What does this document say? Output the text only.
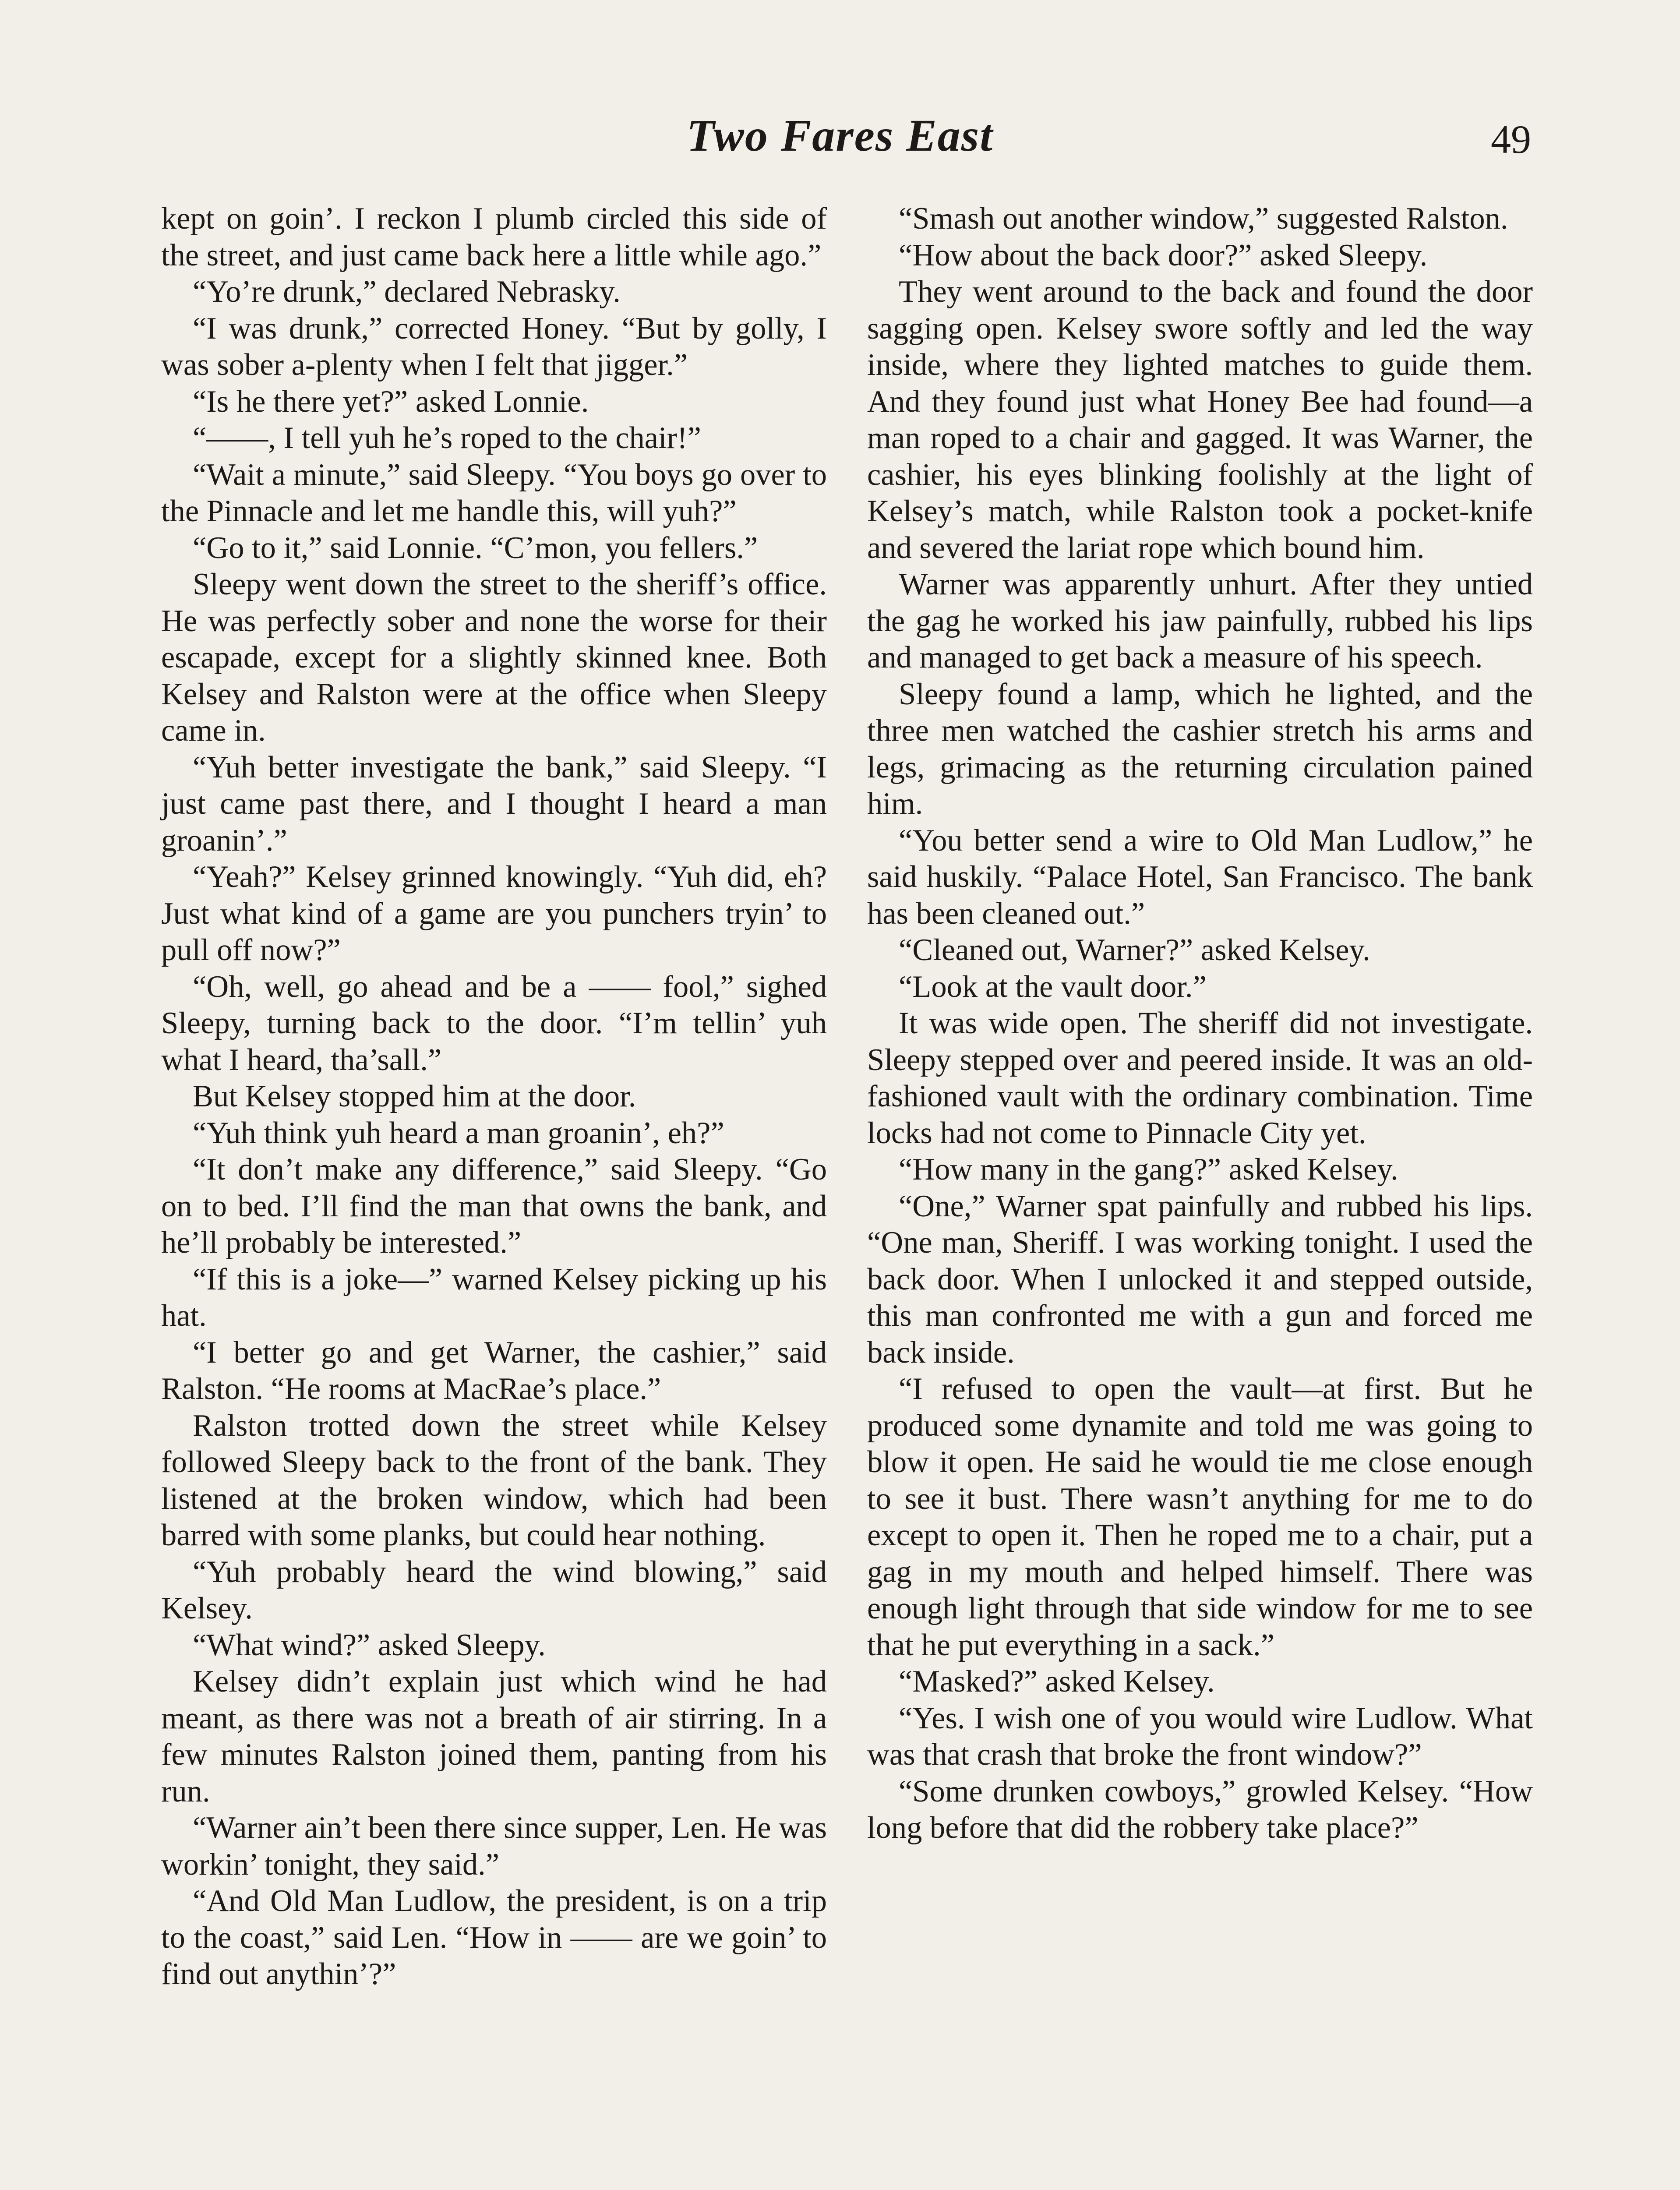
Two Fares East	49

kept on goin’. I reckon I plumb circled this side of the street, and just came back here a little while ago.”

“Yo’re drunk,” declared Nebrasky.

“I was drunk,” corrected Honey. “But by golly, I was sober a-plenty when I felt that jigger.”

“Is he there yet?” asked Lonnie.

“——, I tell yuh he’s roped to the chair!”

“Wait a minute,” said Sleepy. “You boys go over to the Pinnacle and let me handle this, will yuh?”

“Go to it,” said Lonnie. “C’mon, you fellers.”

Sleepy went down the street to the sheriff’s office. He was perfectly sober and none the worse for their escapade, except for a slightly skinned knee. Both Kelsey and Ralston were at the office when Sleepy came in.

“Yuh better investigate the bank,” said Sleepy. “I just came past there, and I thought I heard a man groanin’.”

“Yeah?” Kelsey grinned knowingly. “Yuh did, eh? Just what kind of a game are you punchers tryin’ to pull off now?”

“Oh, well, go ahead and be a —— fool,” sighed Sleepy, turning back to the door. “I’m tellin’ yuh what I heard, tha’sall.”

But Kelsey stopped him at the door.

“Yuh think yuh heard a man groanin’, eh?”

“It don’t make any difference,” said Sleepy. “Go on to bed. I’ll find the man that owns the bank, and he’ll probably be interested.”

“If this is a joke—” warned Kelsey picking up his hat.

“I better go and get Warner, the cashier,” said Ralston. “He rooms at MacRae’s place.”

Ralston trotted down the street while Kelsey followed Sleepy back to the front of the bank. They listened at the broken window, which had been barred with some planks, but could hear nothing.

“Yuh probably heard the wind blowing,” said Kelsey.

“What wind?” asked Sleepy.

Kelsey didn’t explain just which wind he had meant, as there was not a breath of air stirring. In a few minutes Ralston joined them, panting from his run.

“Warner ain’t been there since supper, Len. He was workin’ tonight, they said.”

“And Old Man Ludlow, the president, is on a trip to the coast,” said Len. “How in —— are we goin’ to find out anythin’?”

“Smash out another window,” suggested Ralston.

“How about the back door?” asked Sleepy.

They went around to the back and found the door sagging open. Kelsey swore softly and led the way inside, where they lighted matches to guide them. And they found just what Honey Bee had found—a man roped to a chair and gagged. It was Warner, the cashier, his eyes blinking foolishly at the light of Kelsey’s match, while Ralston took a pocket-knife and severed the lariat rope which bound him.

Warner was apparently unhurt. After they untied the gag he worked his jaw painfully, rubbed his lips and managed to get back a measure of his speech.

Sleepy found a lamp, which he lighted, and the three men watched the cashier stretch his arms and legs, grimacing as the returning circulation pained him.

“You better send a wire to Old Man Ludlow,” he said huskily. “Palace Hotel, San Francisco. The bank has been cleaned out.”

“Cleaned out, Warner?” asked Kelsey.

“Look at the vault door.”

It was wide open. The sheriff did not investigate. Sleepy stepped over and peered inside. It was an old-fashioned vault with the ordinary combination. Time locks had not come to Pinnacle City yet.

“How many in the gang?” asked Kelsey.

“One,” Warner spat painfully and rubbed his lips. “One man, Sheriff. I was working tonight. I used the back door. When I unlocked it and stepped outside, this man confronted me with a gun and forced me back inside.

“I refused to open the vault—at first. But he produced some dynamite and told me was going to blow it open. He said he would tie me close enough to see it bust. There wasn’t anything for me to do except to open it. Then he roped me to a chair, put a gag in my mouth and helped himself. There was enough light through that side window for me to see that he put everything in a sack.”

“Masked?” asked Kelsey.

“Yes. I wish one of you would wire Ludlow. What was that crash that broke the front window?”

“Some drunken cowboys,” growled Kelsey. “How long before that did the robbery take place?”
